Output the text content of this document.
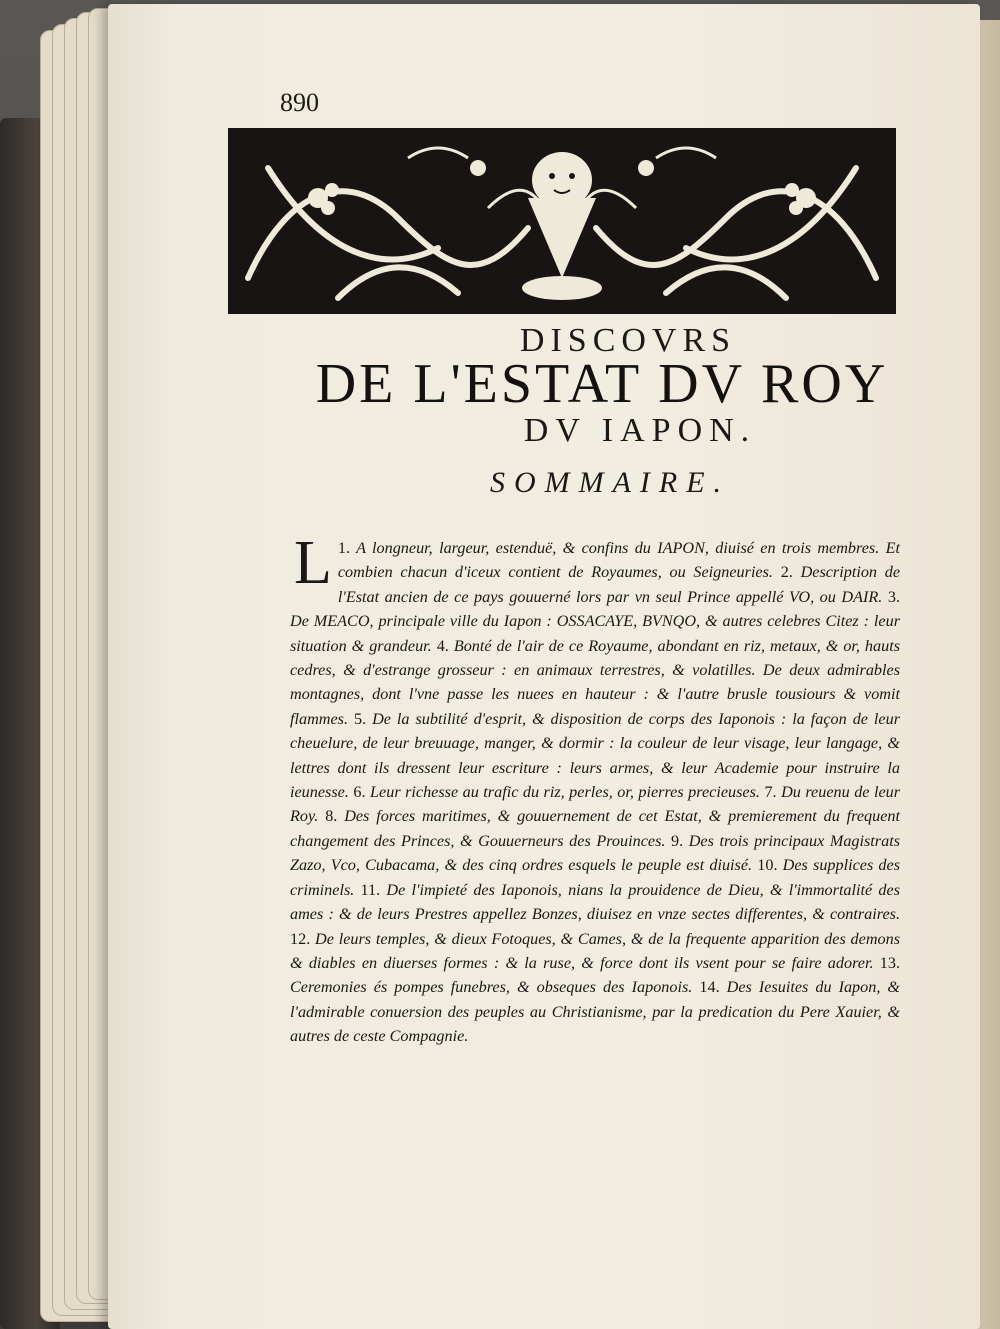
890
DISCOVRS
DE L'ESTAT DV ROY
DV IAPON.
SOMMAIRE.
L 1. A longneur, largeur, estenduë, & confins du IAPON, diuisé en trois membres. Et combien chacun d'iceux contient de Royaumes, ou Seigneuries. 2. Description de l'Estat ancien de ce pays gouuerné lors par vn seul Prince appellé VO, ou DAIR. 3. De MEACO, principale ville du Iapon : OSSACAYE, BVNQO, & autres celebres Citez : leur situation & grandeur. 4. Bonté de l'air de ce Royaume, abondant en riz, metaux, & or, hauts cedres, & d'estrange grosseur : en animaux terrestres, & volatilles. De deux admirables montagnes, dont l'vne passe les nuees en hauteur : & l'autre brusle tousiours & vomit flammes. 5. De la subtilité d'esprit, & disposition de corps des Iaponois : la façon de leur cheuelure, de leur breuuage, manger, & dormir : la couleur de leur visage, leur langage, & lettres dont ils dressent leur escriture : leurs armes, & leur Academie pour instruire la ieunesse. 6. Leur richesse au trafic du riz, perles, or, pierres precieuses. 7. Du reuenu de leur Roy. 8. Des forces maritimes, & gouuernement de cet Estat, & premierement du frequent changement des Princes, & Gouuerneurs des Prouinces. 9. Des trois principaux Magistrats Zazo, Vco, Cubacama, & des cinq ordres esquels le peuple est diuisé. 10. Des supplices des criminels. 11. De l'impieté des Iaponois, nians la prouidence de Dieu, & l'immortalité des ames : & de leurs Prestres appellez Bonzes, diuisez en vnze sectes differentes, & contraires. 12. De leurs temples, & dieux Fotoques, & Cames, & de la frequente apparition des demons & diables en diuerses formes : & la ruse, & force dont ils vsent pour se faire adorer. 13. Ceremonies és pompes funebres, & obseques des Iaponois. 14. Des Iesuites du Iapon, & l'admirable conuersion des peuples au Christianisme, par la predication du Pere Xauier, & autres de ceste Compagnie.
